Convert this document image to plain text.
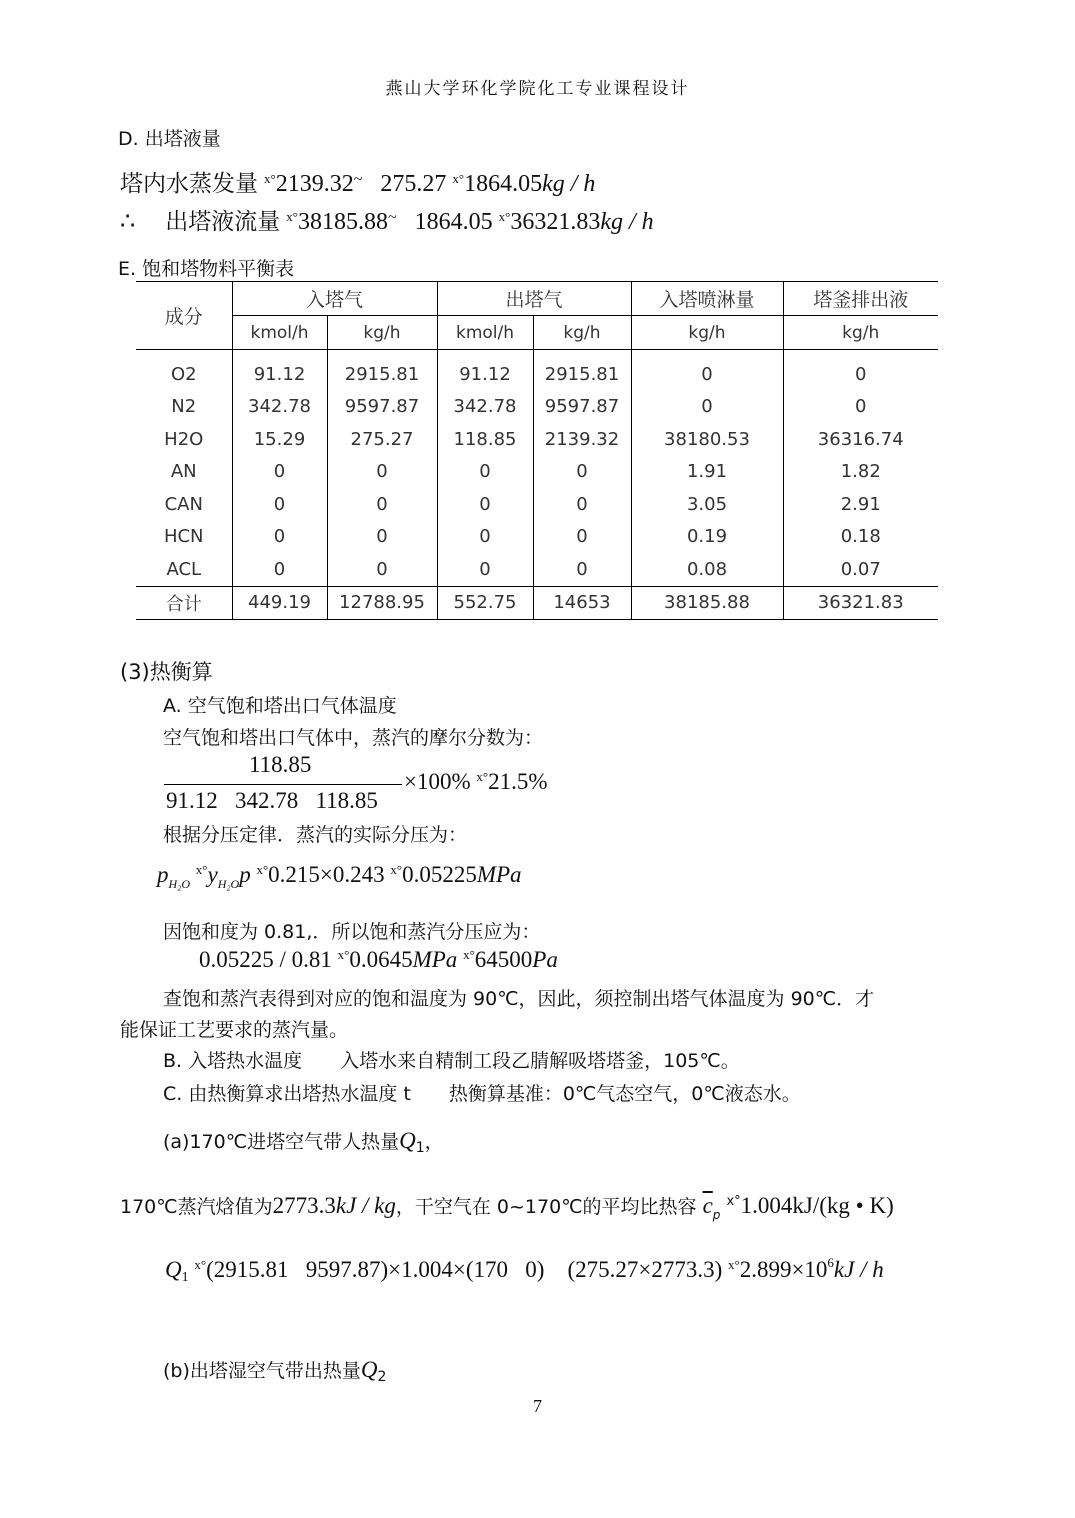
燕山大学环化学院化工专业课程设计
D. 出塔液量
塔内水蒸发量 $^{x^\circ}$2139.32~ 275.27 $^{x^\circ}$1864.05kg / h
∴ 出塔液流量 $^{x^\circ}$38185.88~ 1864.05 $^{x^\circ}$36321.83kg / h
E. 饱和塔物料平衡表
成分	入塔气		出塔气		入塔喷淋量	塔釜排出液
	kmol/h	kg/h	kmol/h	kg/h	kg/h	kg/h
O2	91.12	2915.81	91.12	2915.81	0	0
N2	342.78	9597.87	342.78	9597.87	0	0
H2O	15.29	275.27	118.85	2139.32	38180.53	36316.74
AN	0	0	0	0	1.91	1.82
CAN	0	0	0	0	3.05	2.91
HCN	0	0	0	0	0.19	0.18
ACL	0	0	0	0	0.08	0.07
合计	449.19	12788.95	552.75	14653	38185.88	36321.83
(3)热衡算
A. 空气饱和塔出口气体温度
空气饱和塔出口气体中，蒸汽的摩尔分数为：
118.85
91.12 342.78 118.85
×100% $^{x^\circ}$21.5%
根据分压定律．蒸汽的实际分压为：
$p_{H_2O}$ $^{x^\circ}y_{H_2O}p$ $^{x^\circ}$0.215×0.243 $^{x^\circ}$0.05225MPa
因饱和度为 0.81,．所以饱和蒸汽分压应为：
0.05225 / 0.81 $^{x^\circ}$0.0645MPa $^{x^\circ}$64500Pa
查饱和蒸汽表得到对应的饱和温度为 90℃，因此，须控制出塔气体温度为 90℃．才
能保证工艺要求的蒸汽量。
B. 入塔热水温度　　入塔水来自精制工段乙腈解吸塔塔釜，105℃。
C. 由热衡算求出塔热水温度 t　　热衡算基准：0℃气态空气，0℃液态水。
(a)170℃进塔空气带人热量$Q_1$，
170℃蒸汽焓值为2773.3kJ / kg，干空气在 0~170℃的平均比热容 $\overline{c}_p$ $^{x^\circ}$1.004kJ/(kg • K)
Q1 $^{x^\circ}$(2915.81 9597.87)×1.004×(170 0) (275.27×2773.3) $^{x^\circ}2.899\times 10^6kJ / h$
(b)出塔湿空气带出热量$Q_2$
7
